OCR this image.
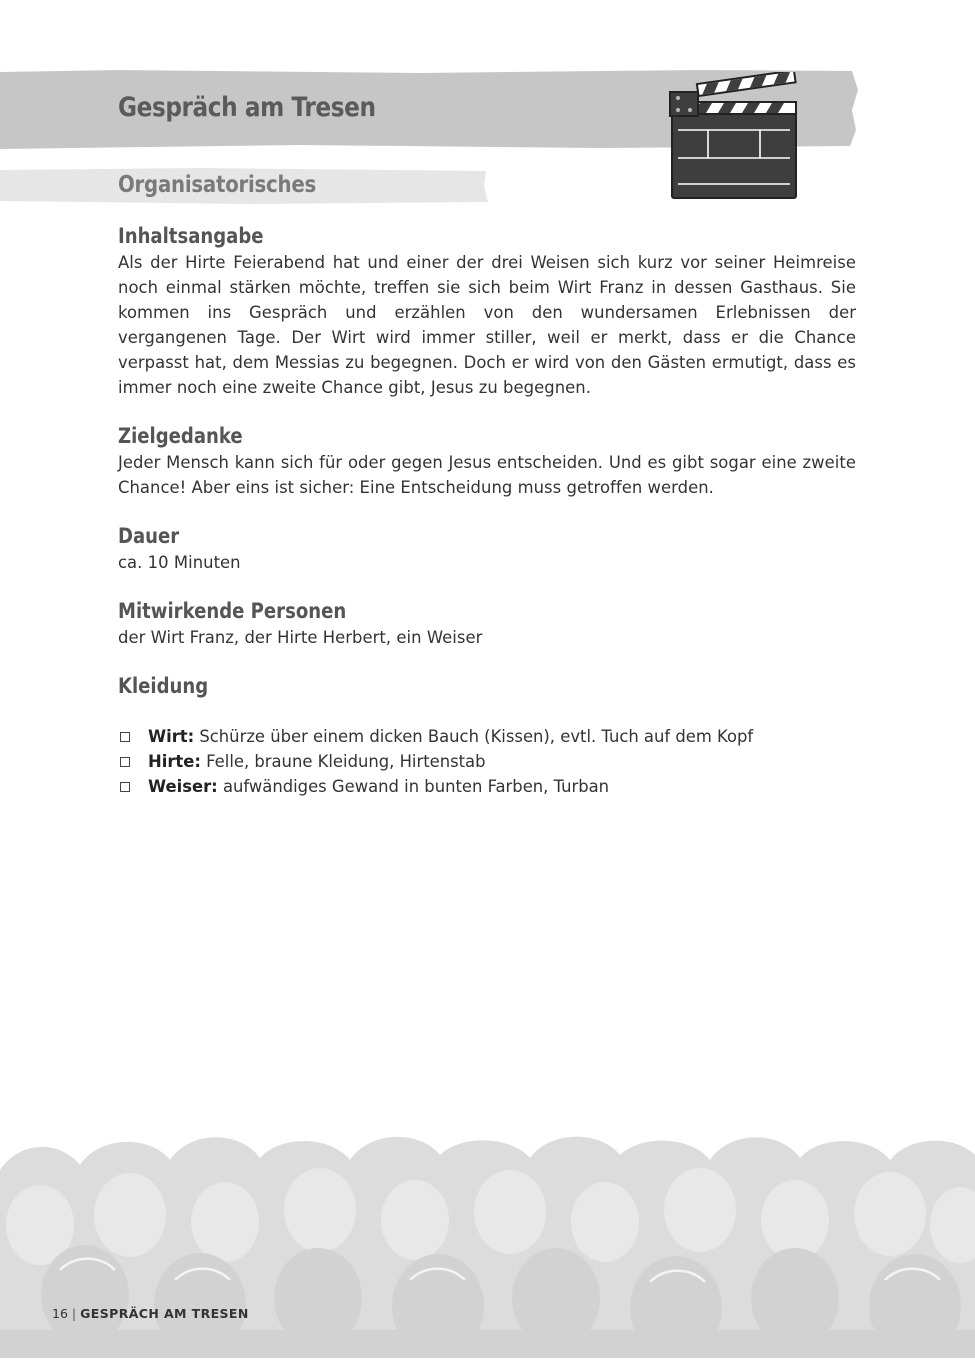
Gespräch am Tresen
Organisatorisches
Inhaltsangabe

Als der Hirte Feierabend hat und einer der drei Weisen sich kurz vor seiner Heimreise noch einmal stärken möchte, treffen sie sich beim Wirt Franz in dessen Gasthaus. Sie kommen ins Gespräch und erzählen von den wundersamen Erlebnissen der vergangenen Tage. Der Wirt wird immer stiller, weil er merkt, dass er die Chance verpasst hat, dem Messias zu begegnen. Doch er wird von den Gästen ermutigt, dass es immer noch eine zweite Chance gibt, Jesus zu begegnen.

Zielgedanke

Jeder Mensch kann sich für oder gegen Jesus entscheiden. Und es gibt sogar eine zweite Chance! Aber eins ist sicher: Eine Entscheidung muss getroffen werden.

Dauer

ca. 10 Minuten

Mitwirkende Personen

der Wirt Franz, der Hirte Herbert, ein Weiser

Kleidung
Wirt: Schürze über einem dicken Bauch (Kissen), evtl. Tuch auf dem Kopf
Hirte: Felle, braune Kleidung, Hirtenstab
Weiser: aufwändiges Gewand in bunten Farben, Turban
16 | GESPRÄCH AM TRESEN
